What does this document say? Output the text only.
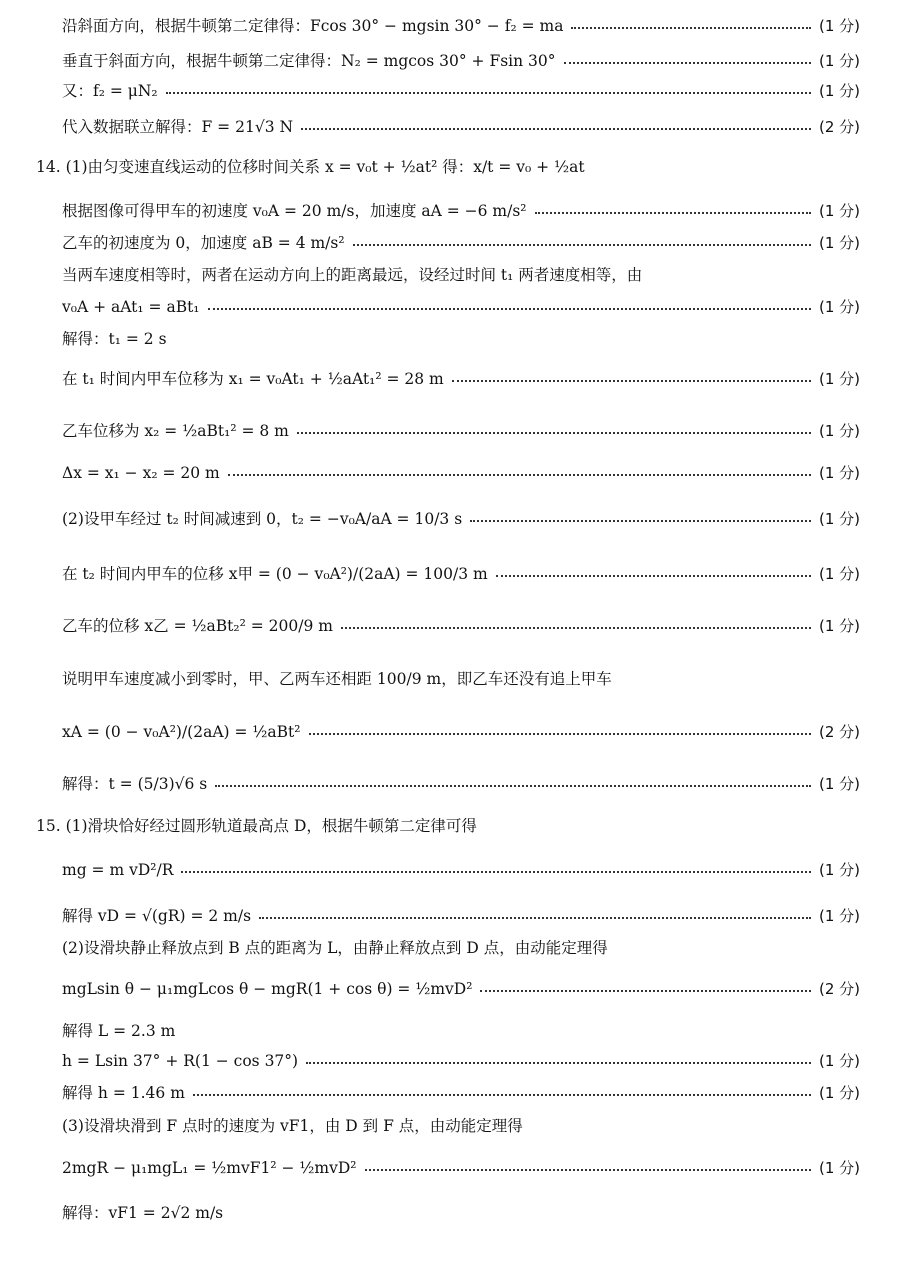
沿斜面方向，根据牛顿第二定律得：Fcos 30° − mgsin 30° − f₂ = ma	(1 分)
垂直于斜面方向，根据牛顿第二定律得：N₂ = mgcos 30° + Fsin 30°	(1 分)
又：f₂ = μN₂	(1 分)
代入数据联立解得：F = 21√3 N	(2 分)
14. (1)由匀变速直线运动的位移时间关系 x = v₀t + ½at² 得：x/t = v₀ + ½at
根据图像可得甲车的初速度 v₀A = 20 m/s，加速度 aA = −6 m/s²	(1 分)
乙车的初速度为 0，加速度 aB = 4 m/s²	(1 分)
当两车速度相等时，两者在运动方向上的距离最远，设经过时间 t₁ 两者速度相等，由
v₀A + aAt₁ = aBt₁	(1 分)
解得：t₁ = 2 s
在 t₁ 时间内甲车位移为 x₁ = v₀At₁ + ½aAt₁² = 28 m	(1 分)
乙车位移为 x₂ = ½aBt₁² = 8 m	(1 分)
Δx = x₁ − x₂ = 20 m	(1 分)
(2)设甲车经过 t₂ 时间减速到 0，t₂ = −v₀A/aA = 10/3 s	(1 分)
在 t₂ 时间内甲车的位移 x甲 = (0 − v₀A²)/(2aA) = 100/3 m	(1 分)
乙车的位移 x乙 = ½aBt₂² = 200/9 m	(1 分)
说明甲车速度减小到零时，甲、乙两车还相距 100/9 m，即乙车还没有追上甲车
xA = (0 − v₀A²)/(2aA) = ½aBt²	(2 分)
解得：t = (5/3)√6 s	(1 分)
15. (1)滑块恰好经过圆形轨道最高点 D，根据牛顿第二定律可得
mg = m vD²/R	(1 分)
解得 vD = √(gR) = 2 m/s	(1 分)
(2)设滑块静止释放点到 B 点的距离为 L，由静止释放点到 D 点，由动能定理得
mgLsin θ − μ₁mgLcos θ − mgR(1 + cos θ) = ½mvD²	(2 分)
解得 L = 2.3 m
h = Lsin 37° + R(1 − cos 37°)	(1 分)
解得 h = 1.46 m	(1 分)
(3)设滑块滑到 F 点时的速度为 vF1，由 D 到 F 点，由动能定理得
2mgR − μ₁mgL₁ = ½mvF1² − ½mvD²	(1 分)
解得：vF1 = 2√2 m/s
